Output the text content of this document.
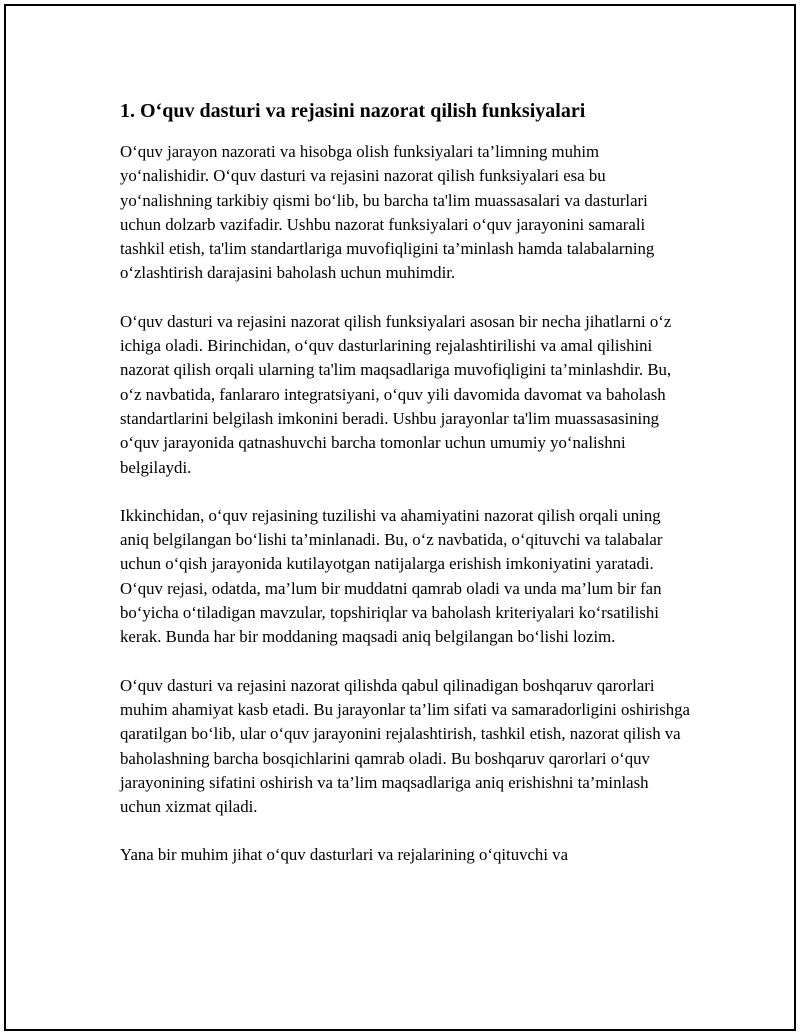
1. O‘quv dasturi va rejasini nazorat qilish funksiyalari

O‘quv jarayon nazorati va hisobga olish funksiyalari ta’limning muhim yo‘nalishidir. O‘quv dasturi va rejasini nazorat qilish funksiyalari esa bu yo‘nalishning tarkibiy qismi bo‘lib, bu barcha ta'lim muassasalari va dasturlari uchun dolzarb vazifadir. Ushbu nazorat funksiyalari o‘quv jarayonini samarali tashkil etish, ta'lim standartlariga muvofiqligini ta’minlash hamda talabalarning o‘zlashtirish darajasini baholash uchun muhimdir.

O‘quv dasturi va rejasini nazorat qilish funksiyalari asosan bir necha jihatlarni o‘z ichiga oladi. Birinchidan, o‘quv dasturlarining rejalashtirilishi va amal qilishini nazorat qilish orqali ularning ta'lim maqsadlariga muvofiqligini ta’minlashdir. Bu, o‘z navbatida, fanlararo integratsiyani, o‘quv yili davomida davomat va baholash standartlarini belgilash imkonini beradi. Ushbu jarayonlar ta'lim muassasasining o‘quv jarayonida qatnashuvchi barcha tomonlar uchun umumiy yo‘nalishni belgilaydi.

Ikkinchidan, o‘quv rejasining tuzilishi va ahamiyatini nazorat qilish orqali uning aniq belgilangan bo‘lishi ta’minlanadi. Bu, o‘z navbatida, o‘qituvchi va talabalar uchun o‘qish jarayonida kutilayotgan natijalarga erishish imkoniyatini yaratadi. O‘quv rejasi, odatda, ma’lum bir muddatni qamrab oladi va unda ma’lum bir fan bo‘yicha o‘tiladigan mavzular, topshiriqlar va baholash kriteriyalari ko‘rsatilishi kerak. Bunda har bir moddaning maqsadi aniq belgilangan bo‘lishi lozim.

O‘quv dasturi va rejasini nazorat qilishda qabul qilinadigan boshqaruv qarorlari muhim ahamiyat kasb etadi. Bu jarayonlar ta’lim sifati va samaradorligini oshirishga qaratilgan bo‘lib, ular o‘quv jarayonini rejalashtirish, tashkil etish, nazorat qilish va baholashning barcha bosqichlarini qamrab oladi. Bu boshqaruv qarorlari o‘quv jarayonining sifatini oshirish va ta’lim maqsadlariga aniq erishishni ta’minlash uchun xizmat qiladi.

Yana bir muhim jihat o‘quv dasturlari va rejalarining o‘qituvchi va
